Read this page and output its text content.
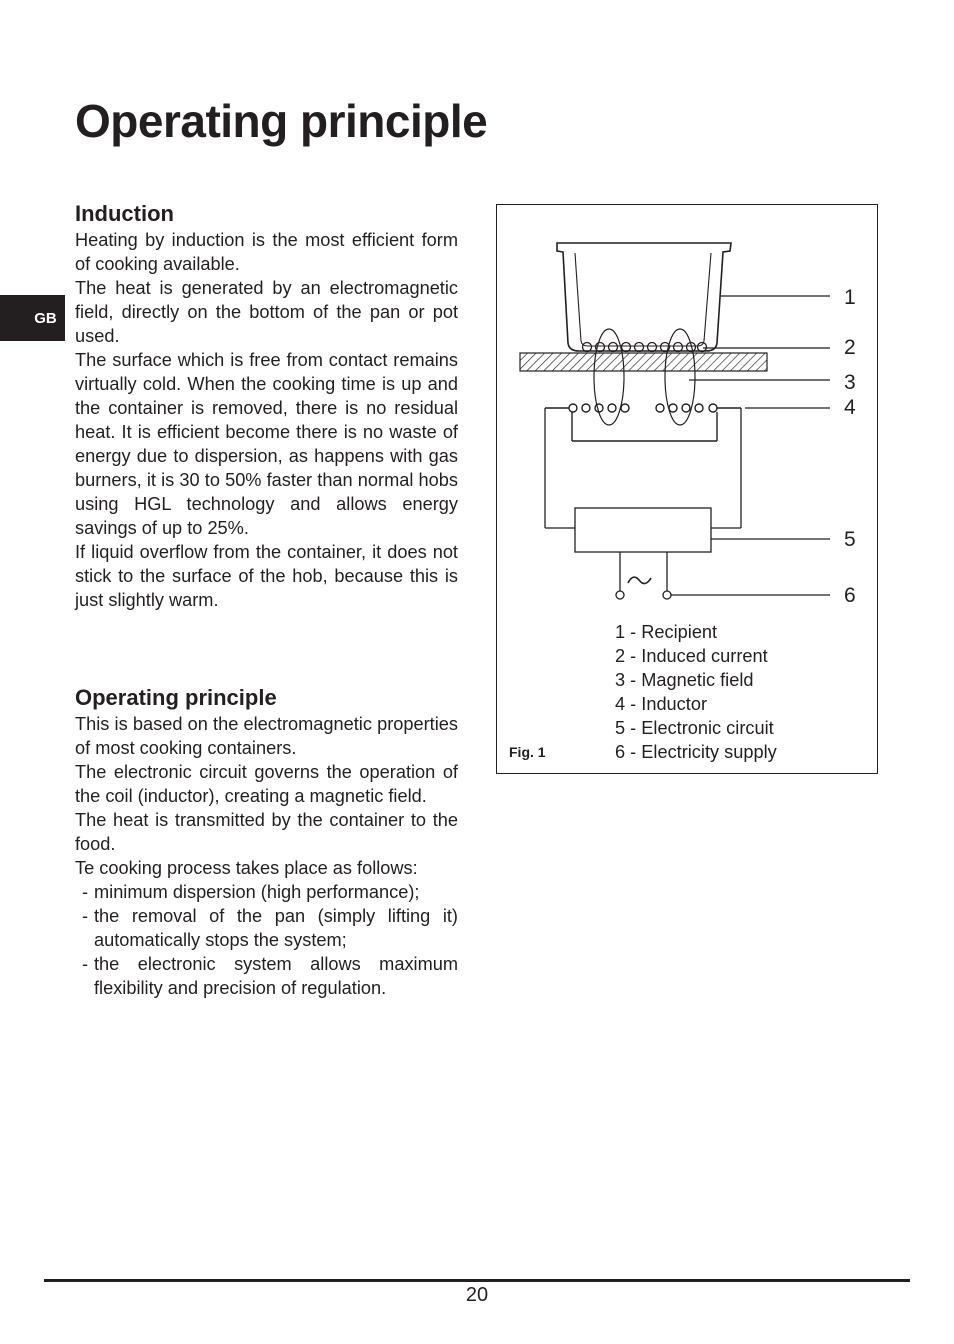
Operating principle
GB
Induction

Heating by induction is the most efficient form of cooking available.

The heat is generated by an electromagnetic field, directly on the bottom of the pan or pot used.

The surface which is free from contact remains virtually cold. When the cooking time is up and the container is removed, there is no residual heat. It is efficient become there is no waste of energy due to dispersion, as happens with gas burners, it is 30 to 50% faster than normal hobs using HGL technology and allows energy savings of up to 25%.

If liquid overflow from the container, it does not stick to the surface of the hob, because this is just slightly warm.

Operating principle

This is based on the electromagnetic properties of most cooking containers.

The electronic circuit governs the operation of the coil (inductor), creating a magnetic field.

The heat is transmitted by the container to the food.

Te cooking process takes place as follows:

- minimum dispersion (high performance);
- the removal of the pan (simply lifting it) automatically stops the system;
- the electronic system allows maximum flexibility and precision of regulation.
1
2
3
4
5
6
1 - Recipient
2 - Induced current
3 - Magnetic field
4 - Inductor
5 - Electronic circuit
6 - Electricity supply
Fig. 1
20
